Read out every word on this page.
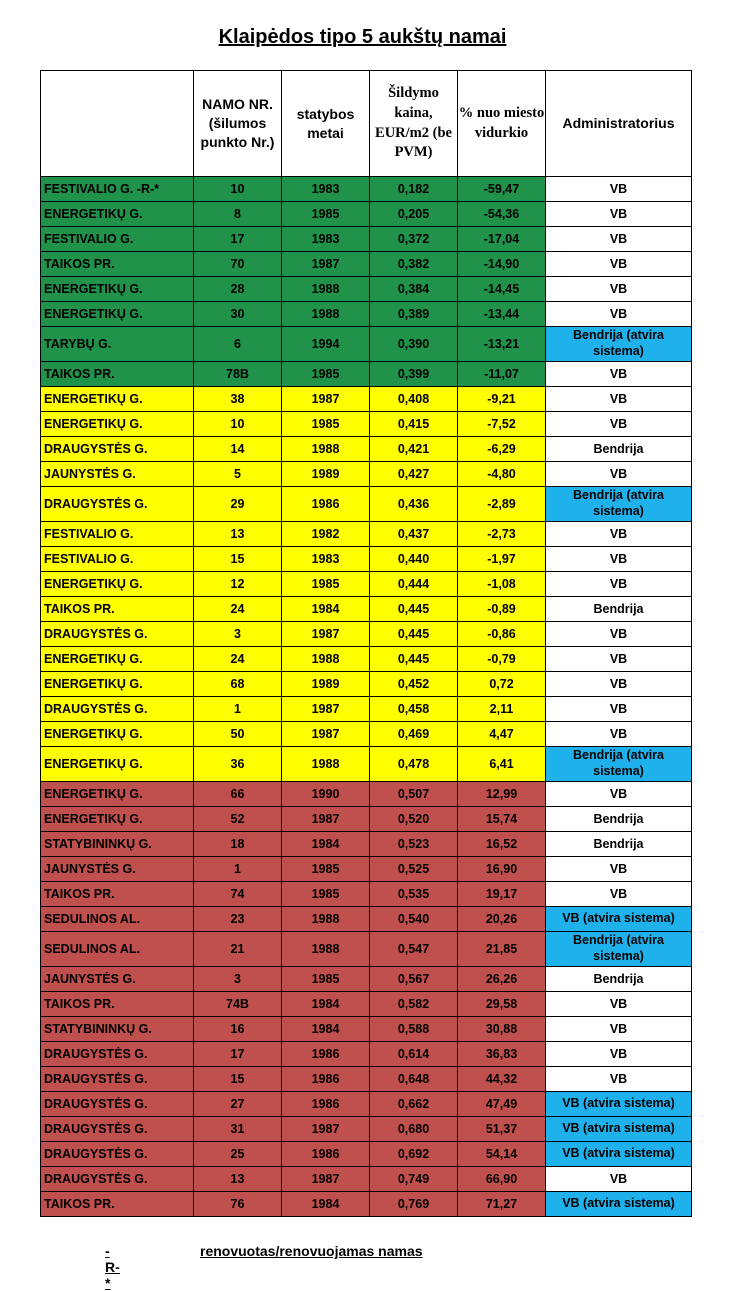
Klaipėdos tipo 5 aukštų namai
	NAMO NR. (šilumos punkto Nr.)	statybos metai	Šildymo kaina, EUR/m2 (be PVM)	% nuo miesto vidurkio	Administratorius
FESTIVALIO G. -R-*	10	1983	0,182	-59,47	VB
ENERGETIKŲ G.	8	1985	0,205	-54,36	VB
FESTIVALIO G.	17	1983	0,372	-17,04	VB
TAIKOS PR.	70	1987	0,382	-14,90	VB
ENERGETIKŲ G.	28	1988	0,384	-14,45	VB
ENERGETIKŲ G.	30	1988	0,389	-13,44	VB
TARYBŲ G.	6	1994	0,390	-13,21	Bendrija (atvira sistema)
TAIKOS PR.	78B	1985	0,399	-11,07	VB
ENERGETIKŲ G.	38	1987	0,408	-9,21	VB
ENERGETIKŲ G.	10	1985	0,415	-7,52	VB
DRAUGYSTĖS G.	14	1988	0,421	-6,29	Bendrija
JAUNYSTĖS G.	5	1989	0,427	-4,80	VB
DRAUGYSTĖS G.	29	1986	0,436	-2,89	Bendrija (atvira sistema)
FESTIVALIO G.	13	1982	0,437	-2,73	VB
FESTIVALIO G.	15	1983	0,440	-1,97	VB
ENERGETIKŲ G.	12	1985	0,444	-1,08	VB
TAIKOS PR.	24	1984	0,445	-0,89	Bendrija
DRAUGYSTĖS G.	3	1987	0,445	-0,86	VB
ENERGETIKŲ G.	24	1988	0,445	-0,79	VB
ENERGETIKŲ G.	68	1989	0,452	0,72	VB
DRAUGYSTĖS G.	1	1987	0,458	2,11	VB
ENERGETIKŲ G.	50	1987	0,469	4,47	VB
ENERGETIKŲ G.	36	1988	0,478	6,41	Bendrija (atvira sistema)
ENERGETIKŲ G.	66	1990	0,507	12,99	VB
ENERGETIKŲ G.	52	1987	0,520	15,74	Bendrija
STATYBININKŲ G.	18	1984	0,523	16,52	Bendrija
JAUNYSTĖS G.	1	1985	0,525	16,90	VB
TAIKOS PR.	74	1985	0,535	19,17	VB
SEDULINOS AL.	23	1988	0,540	20,26	VB (atvira sistema)
SEDULINOS AL.	21	1988	0,547	21,85	Bendrija (atvira sistema)
JAUNYSTĖS G.	3	1985	0,567	26,26	Bendrija
TAIKOS PR.	74B	1984	0,582	29,58	VB
STATYBININKŲ G.	16	1984	0,588	30,88	VB
DRAUGYSTĖS G.	17	1986	0,614	36,83	VB
DRAUGYSTĖS G.	15	1986	0,648	44,32	VB
DRAUGYSTĖS G.	27	1986	0,662	47,49	VB (atvira sistema)
DRAUGYSTĖS G.	31	1987	0,680	51,37	VB (atvira sistema)
DRAUGYSTĖS G.	25	1986	0,692	54,14	VB (atvira sistema)
DRAUGYSTĖS G.	13	1987	0,749	66,90	VB
TAIKOS PR.	76	1984	0,769	71,27	VB (atvira sistema)
-R-*
renovuotas/renovuojamas namas
